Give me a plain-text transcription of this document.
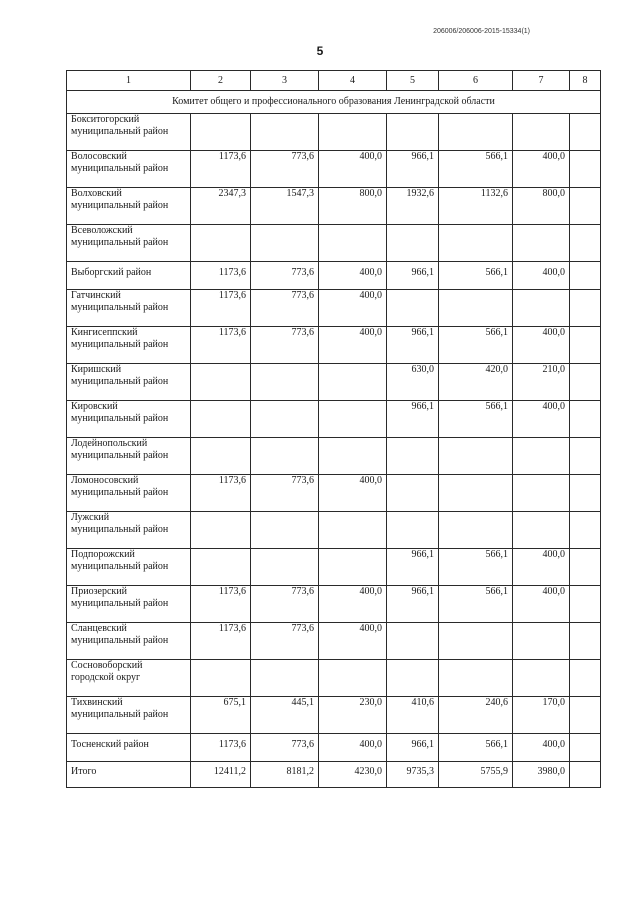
206006/206006-2015-15334(1)
5
1	2	3	4	5	6	7	8
Комитет общего и профессионального образования Ленинградской области							

Бокситогорский
муниципальный район							

Волосовский
муниципальный район	1173,6	773,6	400,0	966,1	566,1	400,0	

Волховский
муниципальный район	2347,3	1547,3	800,0	1932,6	1132,6	800,0	

Всеволожский
муниципальный район							

Выборгский район	1173,6	773,6	400,0	966,1	566,1	400,0	

Гатчинский
муниципальный район	1173,6	773,6	400,0				

Кингисеппский
муниципальный район	1173,6	773,6	400,0	966,1	566,1	400,0	

Киришский
муниципальный район				630,0	420,0	210,0	

Кировский
муниципальный район				966,1	566,1	400,0	

Лодейнопольский
муниципальный район							

Ломоносовский
муниципальный район	1173,6	773,6	400,0				

Лужский
муниципальный район							

Подпорожский
муниципальный район				966,1	566,1	400,0	

Приозерский
муниципальный район	1173,6	773,6	400,0	966,1	566,1	400,0	

Сланцевский
муниципальный район	1173,6	773,6	400,0				

Сосновоборский
городской округ							

Тихвинский
муниципальный район	675,1	445,1	230,0	410,6	240,6	170,0	

Тосненский район	1173,6	773,6	400,0	966,1	566,1	400,0	
Итого	12411,2	8181,2	4230,0	9735,3	5755,9	3980,0	
